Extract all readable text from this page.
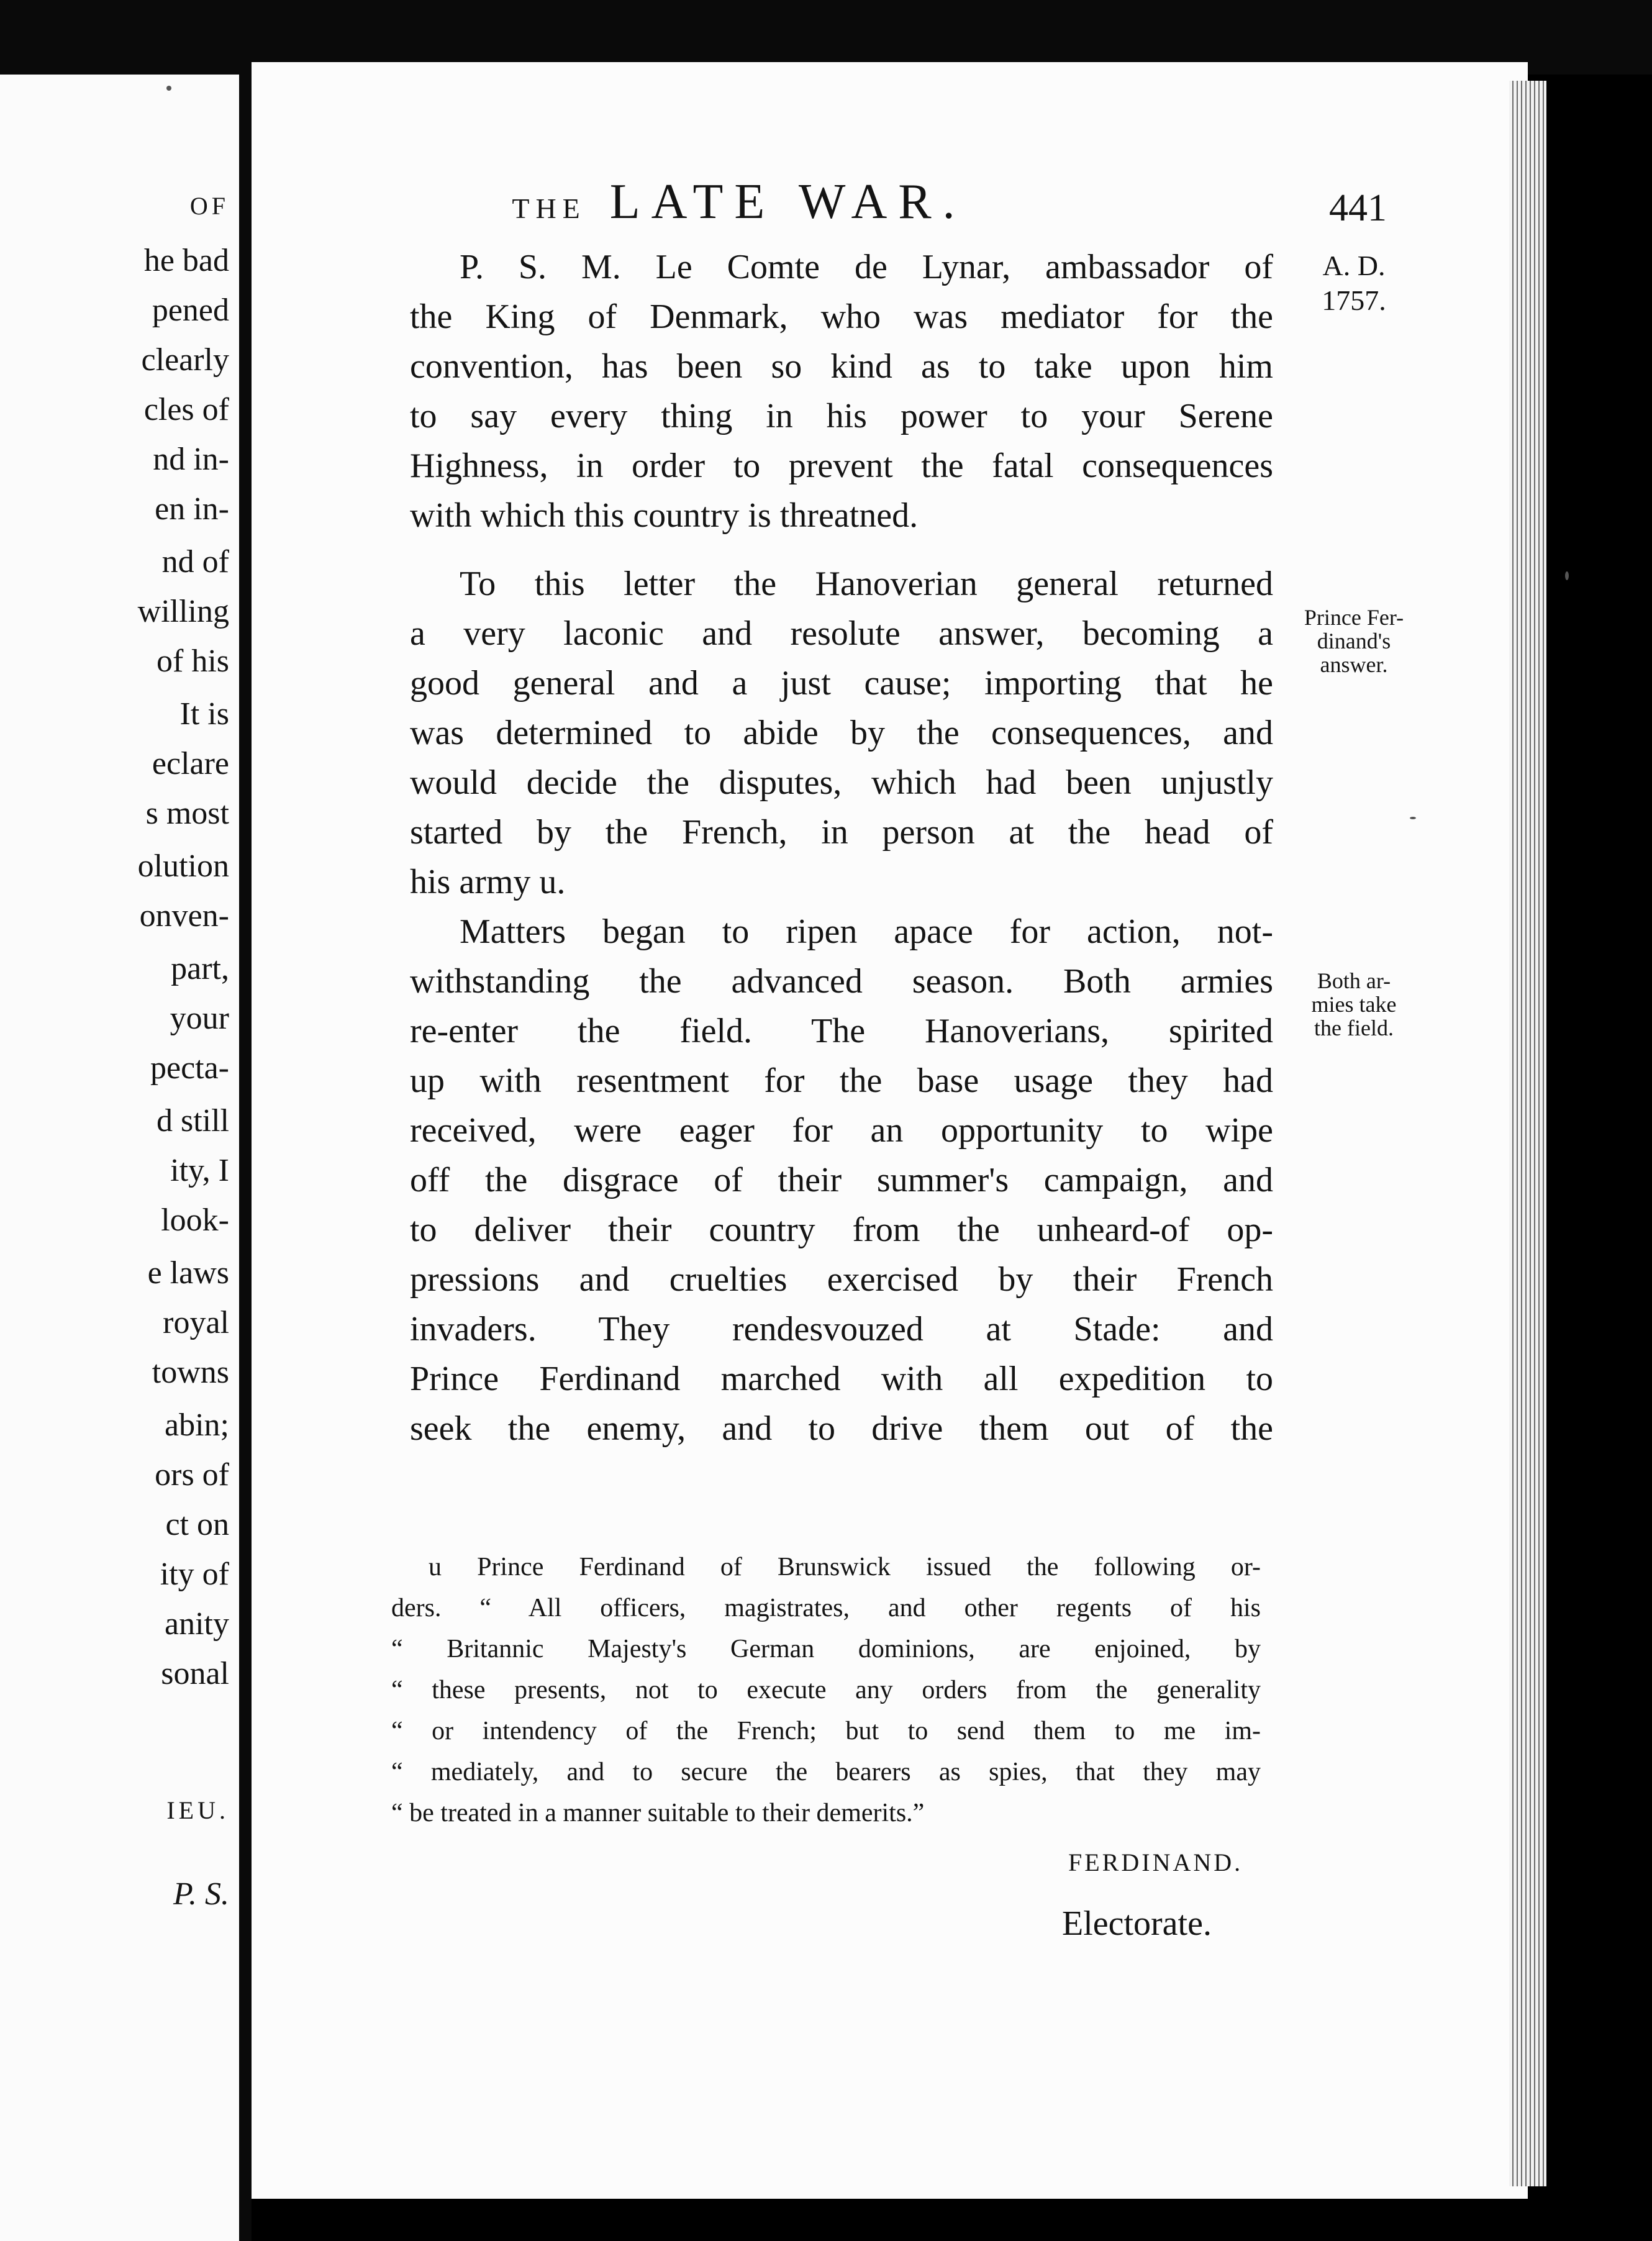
OF
he bad
pened
clearly
cles of
nd in-
en in-
nd of
willing
of his
It is
eclare
s most
olution
onven-
part,
your
pecta-
d still
ity, I
look-
e laws
royal
towns
abin;
ors of
ct on
ity of
anity
sonal
IEU.
P. S.
THE LATE WAR.	441
P. S. M. Le Comte de Lynar, ambassador of
the King of Denmark, who was mediator for the
convention, has been so kind as to take upon him
to say every thing in his power to your Serene
Highness, in order to prevent the fatal consequences
with which this country is threatned.
To this letter the Hanoverian general returned
a very laconic and resolute answer, becoming a
good general and a just cause; importing that he
was determined to abide by the consequences, and
would decide the disputes, which had been unjustly
started by the French, in person at the head of
his army u.
Matters began to ripen apace for action, not-
withstanding the advanced season. Both armies
re-enter the field. The Hanoverians, spirited
up with resentment for the base usage they had
received, were eager for an opportunity to wipe
off the disgrace of their summer's campaign, and
to deliver their country from the unheard-of op-
pressions and cruelties exercised by their French
invaders. They rendesvouzed at Stade: and
Prince Ferdinand marched with all expedition to
seek the enemy, and to drive them out of the
A. D.
1757.
Prince Fer-
dinand's
answer.
Both ar-
mies take
the field.
u Prince Ferdinand of Brunswick issued the following or-
ders. “ All officers, magistrates, and other regents of his
“ Britannic Majesty's German dominions, are enjoined, by
“ these presents, not to execute any orders from the generality
“ or intendency of the French; but to send them to me im-
“ mediately, and to secure the bearers as spies, that they may
“ be treated in a manner suitable to their demerits.”
FERDINAND.
Electorate.
